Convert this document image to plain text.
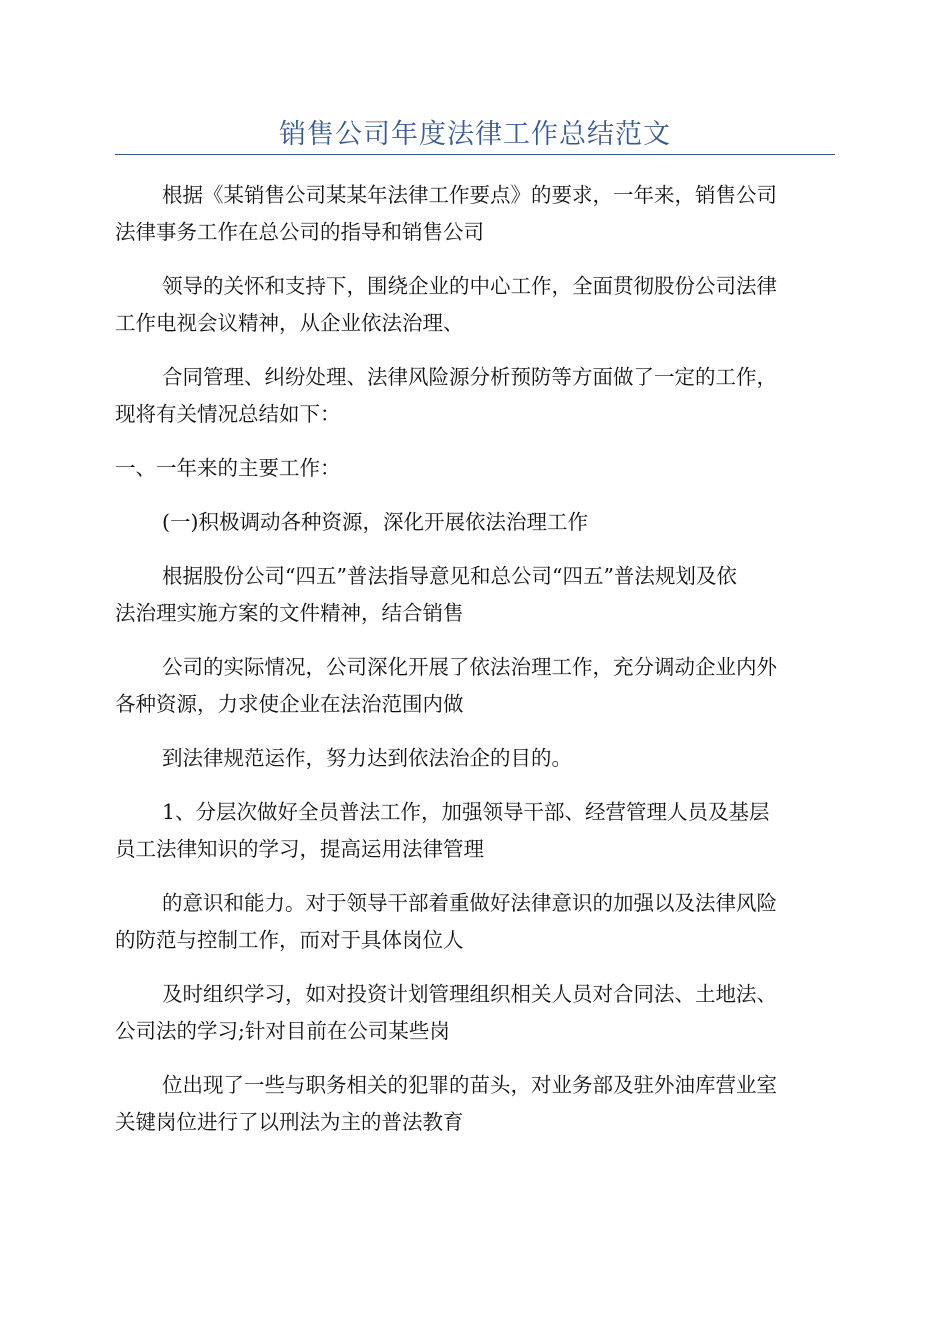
销售公司年度法律工作总结范文

根据《某销售公司某某年法律工作要点》的要求，一年来，销售公司
法律事务工作在总公司的指导和销售公司

领导的关怀和支持下，围绕企业的中心工作，全面贯彻股份公司法律
工作电视会议精神，从企业依法治理、

合同管理、纠纷处理、法律风险源分析预防等方面做了一定的工作，
现将有关情况总结如下：

一、一年来的主要工作：

(一)积极调动各种资源，深化开展依法治理工作

根据股份公司“四五”普法指导意见和总公司“四五”普法规划及依
法治理实施方案的文件精神，结合销售

公司的实际情况，公司深化开展了依法治理工作，充分调动企业内外
各种资源，力求使企业在法治范围内做

到法律规范运作，努力达到依法治企的目的。

1、分层次做好全员普法工作，加强领导干部、经营管理人员及基层
员工法律知识的学习，提高运用法律管理

的意识和能力。对于领导干部着重做好法律意识的加强以及法律风险
的防范与控制工作，而对于具体岗位人

及时组织学习，如对投资计划管理组织相关人员对合同法、土地法、
公司法的学习;针对目前在公司某些岗

位出现了一些与职务相关的犯罪的苗头，对业务部及驻外油库营业室
关键岗位进行了以刑法为主的普法教育
